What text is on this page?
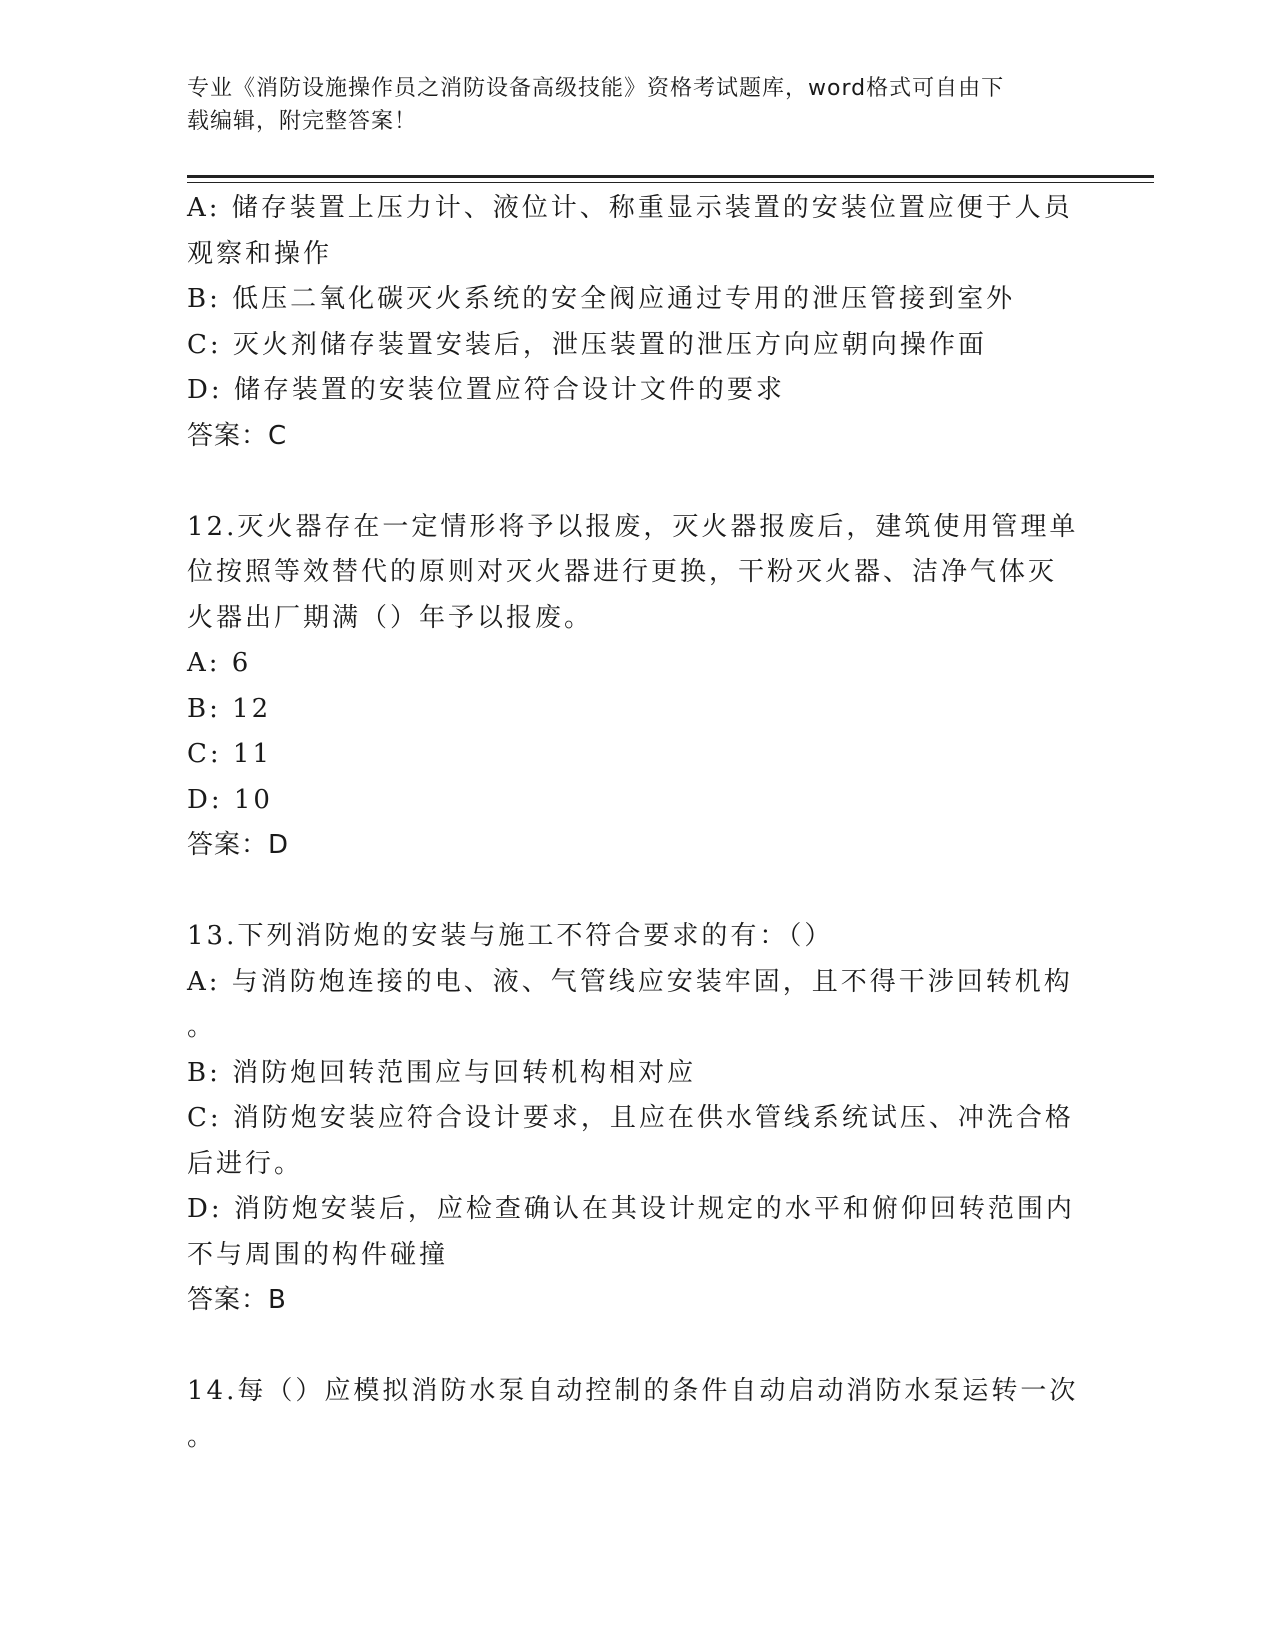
专业《消防设施操作员之消防设备高级技能》资格考试题库，word格式可自由下
载编辑，附完整答案！
A: 储存装置上压力计、液位计、称重显示装置的安装位置应便于人员
观察和操作
B: 低压二氧化碳灭火系统的安全阀应通过专用的泄压管接到室外
C: 灭火剂储存装置安装后，泄压装置的泄压方向应朝向操作面
D: 储存装置的安装位置应符合设计文件的要求
答案：C
12.灭火器存在一定情形将予以报废，灭火器报废后，建筑使用管理单
位按照等效替代的原则对灭火器进行更换，干粉灭火器、洁净气体灭
火器出厂期满（）年予以报废。
A: 6
B: 12
C: 11
D: 10
答案：D
13.下列消防炮的安装与施工不符合要求的有：（）
A: 与消防炮连接的电、液、气管线应安装牢固，且不得干涉回转机构
。
B: 消防炮回转范围应与回转机构相对应
C: 消防炮安装应符合设计要求，且应在供水管线系统试压、冲洗合格
后进行。
D: 消防炮安装后，应检查确认在其设计规定的水平和俯仰回转范围内
不与周围的构件碰撞
答案：B
14.每（）应模拟消防水泵自动控制的条件自动启动消防水泵运转一次
。
